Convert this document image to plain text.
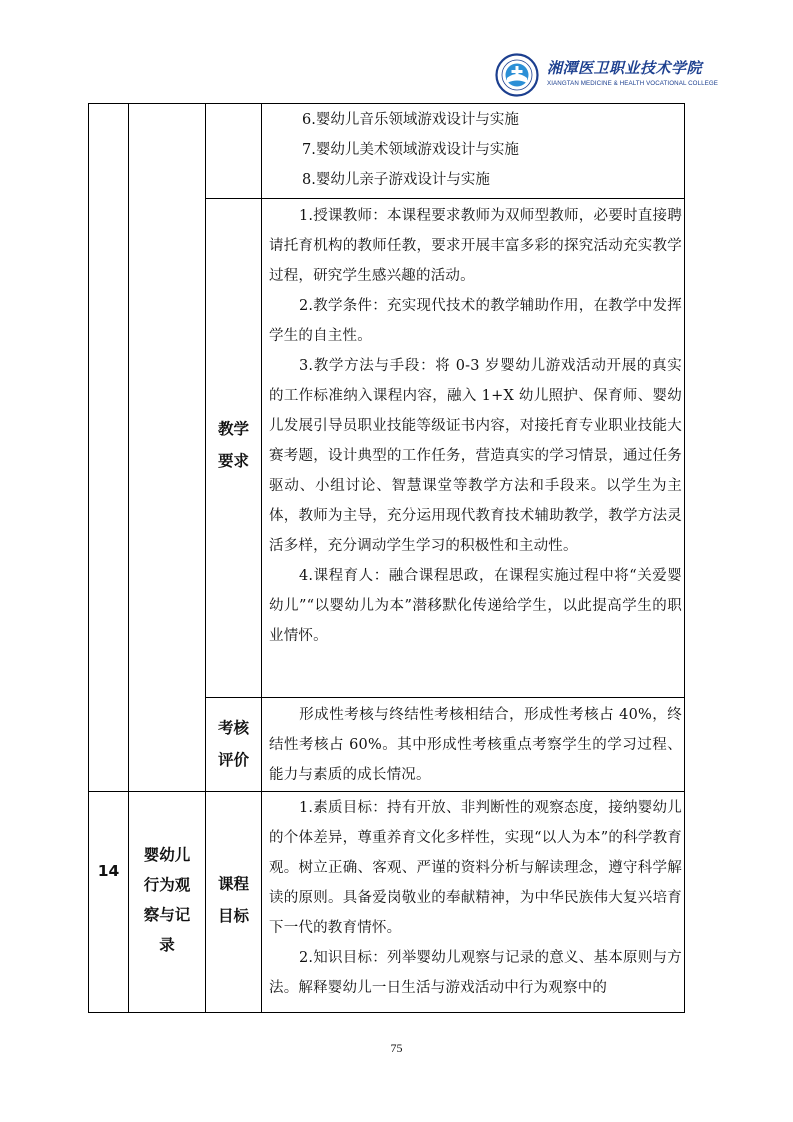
湘潭医卫职业技术学院
XIANGTAN MEDICINE & HEALTH VOCATIONAL COLLEGE
6.婴幼儿音乐领域游戏设计与实施
7.婴幼儿美术领域游戏设计与实施
8.婴幼儿亲子游戏设计与实施
教学
要求
1.授课教师：本课程要求教师为双师型教师，必要时直接聘请托育机构的教师任教，要求开展丰富多彩的探究活动充实教学过程，研究学生感兴趣的活动。
2.教学条件：充实现代技术的教学辅助作用，在教学中发挥学生的自主性。
3.教学方法与手段：将 0-3 岁婴幼儿游戏活动开展的真实的工作标准纳入课程内容，融入 1+X 幼儿照护、保育师、婴幼儿发展引导员职业技能等级证书内容，对接托育专业职业技能大赛考题，设计典型的工作任务，营造真实的学习情景，通过任务驱动、小组讨论、智慧课堂等教学方法和手段来。以学生为主体，教师为主导，充分运用现代教育技术辅助教学，教学方法灵活多样，充分调动学生学习的积极性和主动性。
4.课程育人：融合课程思政，在课程实施过程中将“关爱婴幼儿”“以婴幼儿为本”潜移默化传递给学生，以此提高学生的职业情怀。
考核
评价
形成性考核与终结性考核相结合，形成性考核占 40%，终结性考核占 60%。其中形成性考核重点考察学生的学习过程、能力与素质的成长情况。
14
婴幼儿
行为观
察与记
录
课程
目标
1.素质目标：持有开放、非判断性的观察态度，接纳婴幼儿的个体差异，尊重养育文化多样性，实现“以人为本”的科学教育观。树立正确、客观、严谨的资料分析与解读理念，遵守科学解读的原则。具备爱岗敬业的奉献精神，为中华民族伟大复兴培育下一代的教育情怀。
2.知识目标：列举婴幼儿观察与记录的意义、基本原则与方法。解释婴幼儿一日生活与游戏活动中行为观察中的
75
